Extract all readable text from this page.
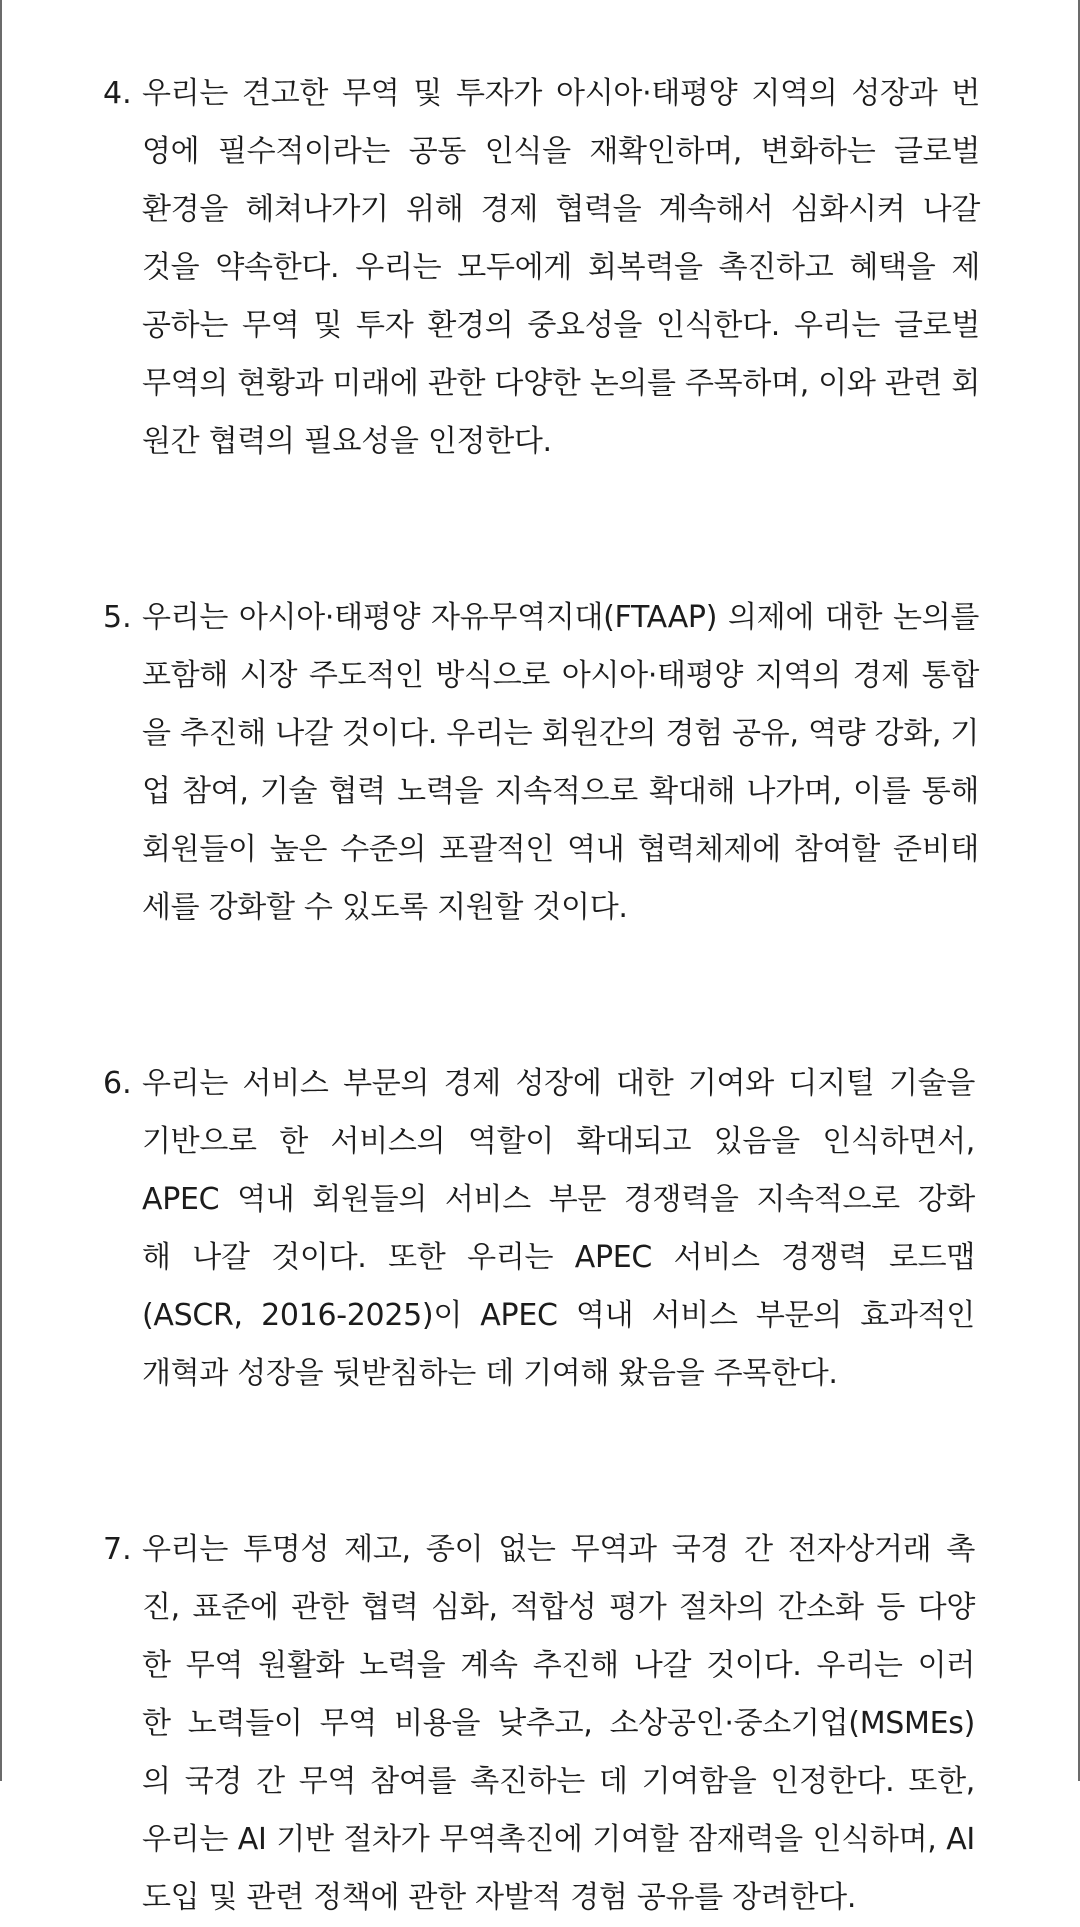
4. 우리는 견고한 무역 및 투자가 아시아·태평양 지역의 성장과 번
영에 필수적이라는 공동 인식을 재확인하며, 변화하는 글로벌
환경을 헤쳐나가기 위해 경제 협력을 계속해서 심화시켜 나갈
것을 약속한다. 우리는 모두에게 회복력을 촉진하고 혜택을 제
공하는 무역 및 투자 환경의 중요성을 인식한다. 우리는 글로벌
무역의 현황과 미래에 관한 다양한 논의를 주목하며, 이와 관련 회
원간 협력의 필요성을 인정한다.
5. 우리는 아시아·태평양 자유무역지대(FTAAP) 의제에 대한 논의를
포함해 시장 주도적인 방식으로 아시아·태평양 지역의 경제 통합
을 추진해 나갈 것이다. 우리는 회원간의 경험 공유, 역량 강화, 기
업 참여, 기술 협력 노력을 지속적으로 확대해 나가며, 이를 통해
회원들이 높은 수준의 포괄적인 역내 협력체제에 참여할 준비태
세를 강화할 수 있도록 지원할 것이다.
6. 우리는 서비스 부문의 경제 성장에 대한 기여와 디지털 기술을
기반으로 한 서비스의 역할이 확대되고 있음을 인식하면서,
APEC 역내 회원들의 서비스 부문 경쟁력을 지속적으로 강화
해 나갈 것이다. 또한 우리는 APEC 서비스 경쟁력 로드맵
(ASCR, 2016-2025)이 APEC 역내 서비스 부문의 효과적인
개혁과 성장을 뒷받침하는 데 기여해 왔음을 주목한다.
7. 우리는 투명성 제고, 종이 없는 무역과 국경 간 전자상거래 촉
진, 표준에 관한 협력 심화, 적합성 평가 절차의 간소화 등 다양
한 무역 원활화 노력을 계속 추진해 나갈 것이다. 우리는 이러
한 노력들이 무역 비용을 낮추고, 소상공인·중소기업(MSMEs)
의 국경 간 무역 참여를 촉진하는 데 기여함을 인정한다. 또한,
우리는 AI 기반 절차가 무역촉진에 기여할 잠재력을 인식하며, AI
도입 및 관련 정책에 관한 자발적 경험 공유를 장려한다.
